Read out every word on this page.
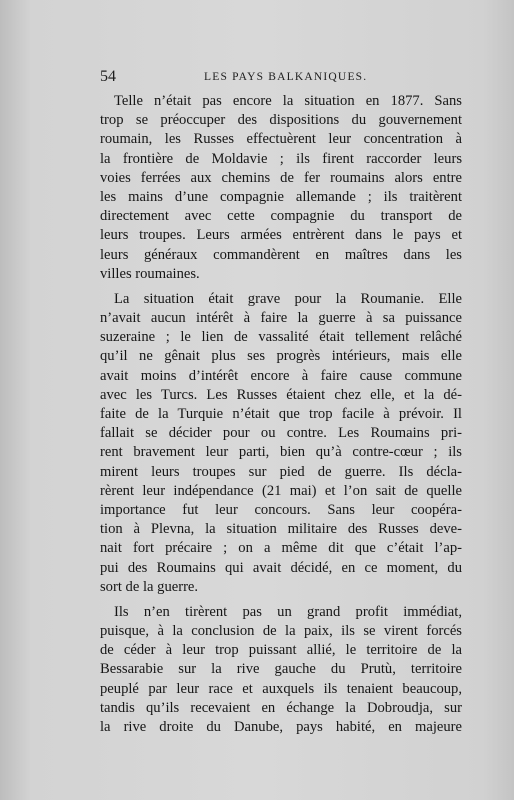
54	LES PAYS BALKANIQUES.

Telle n’était pas encore la situation en 1877. Sans
trop se préoccuper des dispositions du gouvernement
roumain, les Russes effectuèrent leur concentration à
la frontière de Moldavie ; ils firent raccorder leurs
voies ferrées aux chemins de fer roumains alors entre
les mains d’une compagnie allemande ; ils traitèrent
directement avec cette compagnie du transport de
leurs troupes. Leurs armées entrèrent dans le pays et
leurs généraux commandèrent en maîtres dans les
villes roumaines.

La situation était grave pour la Roumanie. Elle
n’avait aucun intérêt à faire la guerre à sa puissance
suzeraine ; le lien de vassalité était tellement relâché
qu’il ne gênait plus ses progrès intérieurs, mais elle
avait moins d’intérêt encore à faire cause commune
avec les Turcs. Les Russes étaient chez elle, et la dé-
faite de la Turquie n’était que trop facile à prévoir. Il
fallait se décider pour ou contre. Les Roumains pri-
rent bravement leur parti, bien qu’à contre-cœur ; ils
mirent leurs troupes sur pied de guerre. Ils décla-
rèrent leur indépendance (21 mai) et l’on sait de quelle
importance fut leur concours. Sans leur coopéra-
tion à Plevna, la situation militaire des Russes deve-
nait fort précaire ; on a même dit que c’était l’ap-
pui des Roumains qui avait décidé, en ce moment, du
sort de la guerre.

Ils n’en tirèrent pas un grand profit immédiat,
puisque, à la conclusion de la paix, ils se virent forcés
de céder à leur trop puissant allié, le territoire de la
Bessarabie sur la rive gauche du Prutù, territoire
peuplé par leur race et auxquels ils tenaient beaucoup,
tandis qu’ils recevaient en échange la Dobroudja, sur
la rive droite du Danube, pays habité, en majeure
